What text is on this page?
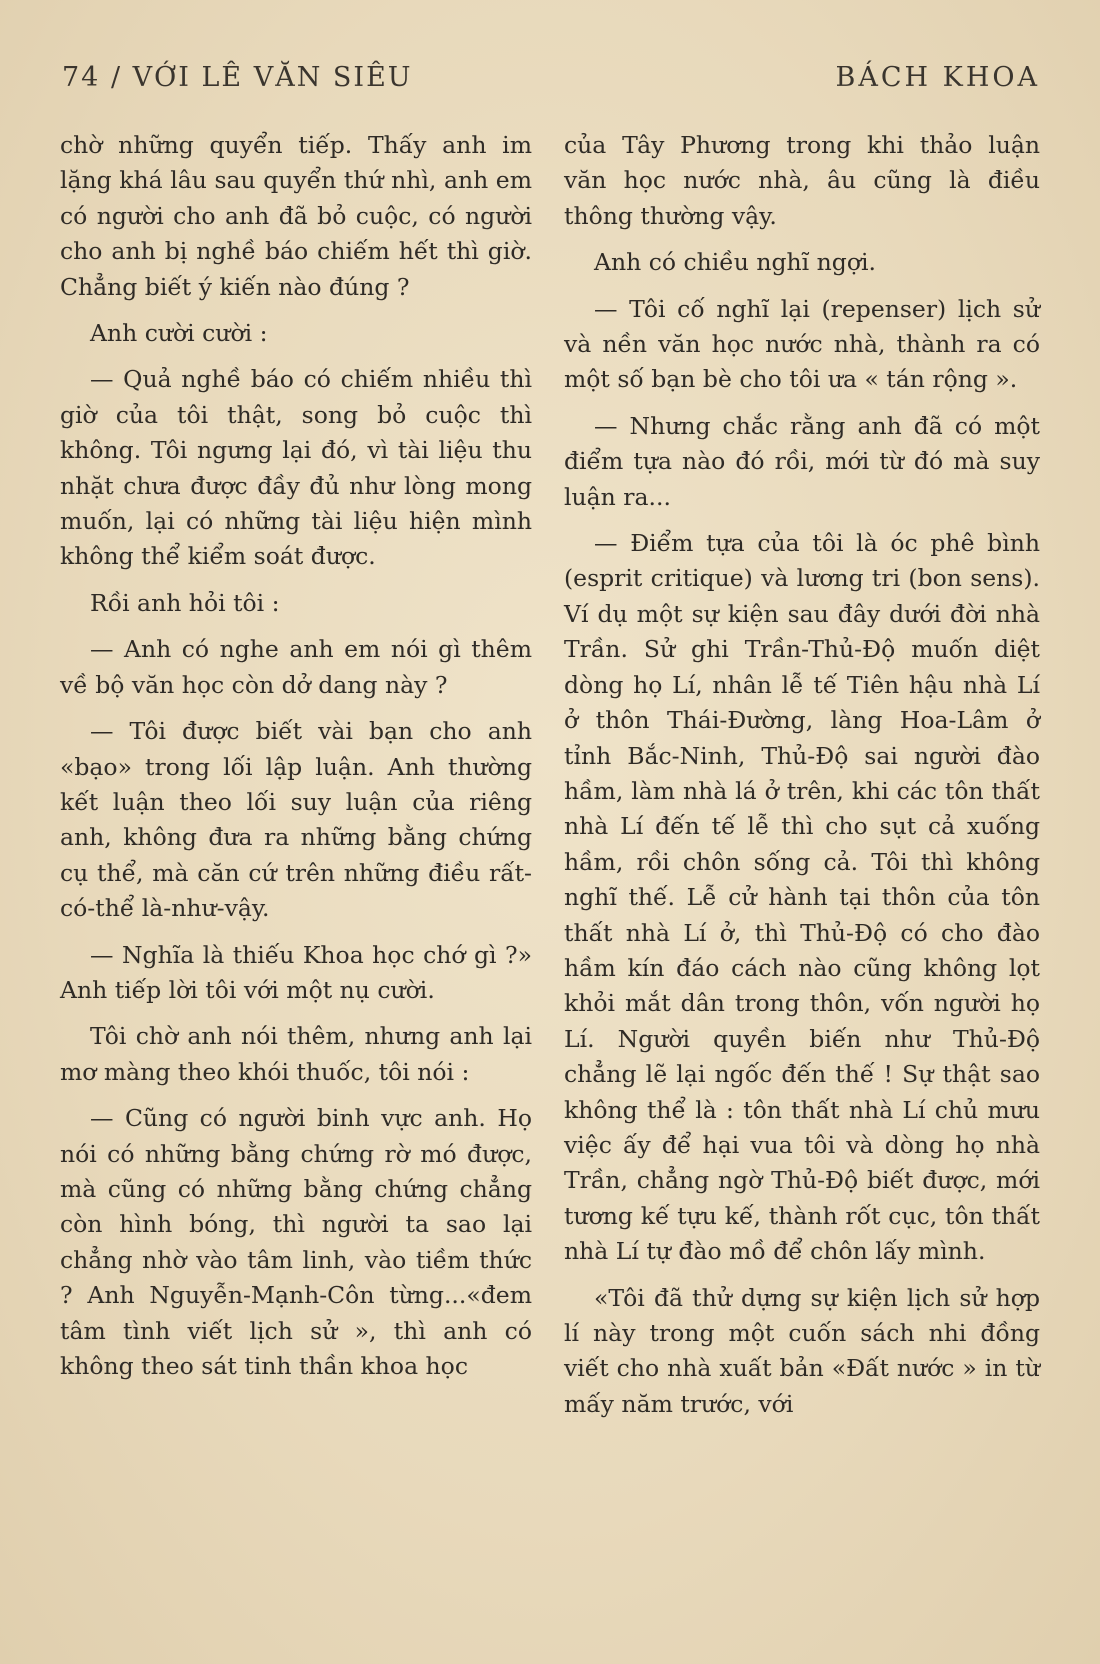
74 / VỚI LÊ VĂN SIÊU	BÁCH KHOA

chờ những quyển tiếp. Thấy anh im lặng khá lâu sau quyển thứ nhì, anh em có người cho anh đã bỏ cuộc, có người cho anh bị nghề báo chiếm hết thì giờ. Chẳng biết ý kiến nào đúng ?

Anh cười cười :

— Quả nghề báo có chiếm nhiều thì giờ của tôi thật, song bỏ cuộc thì không. Tôi ngưng lại đó, vì tài liệu thu nhặt chưa được đầy đủ như lòng mong muốn, lại có những tài liệu hiện mình không thể kiểm soát được.

Rồi anh hỏi tôi :

— Anh có nghe anh em nói gì thêm về bộ văn học còn dở dang này ?

— Tôi được biết vài bạn cho anh «bạo» trong lối lập luận. Anh thường kết luận theo lối suy luận của riêng anh, không đưa ra những bằng chứng cụ thể, mà căn cứ trên những điều rất-có-thể là-như-vậy.

— Nghĩa là thiếu Khoa học chớ gì ?» Anh tiếp lời tôi với một nụ cười.

Tôi chờ anh nói thêm, nhưng anh lại mơ màng theo khói thuốc, tôi nói :

— Cũng có người binh vực anh. Họ nói có những bằng chứng rờ mó được, mà cũng có những bằng chứng chẳng còn hình bóng, thì người ta sao lại chẳng nhờ vào tâm linh, vào tiềm thức ? Anh Nguyễn-Mạnh-Côn từng...«đem tâm tình viết lịch sử », thì anh có không theo sát tinh thần khoa học

của Tây Phương trong khi thảo luận văn học nước nhà, âu cũng là điều thông thường vậy.

Anh có chiều nghĩ ngợi.

— Tôi cố nghĩ lại (repenser) lịch sử và nền văn học nước nhà, thành ra có một số bạn bè cho tôi ưa « tán rộng ».

— Nhưng chắc rằng anh đã có một điểm tựa nào đó rồi, mới từ đó mà suy luận ra...

— Điểm tựa của tôi là óc phê bình (esprit critique) và lương tri (bon sens). Ví dụ một sự kiện sau đây dưới đời nhà Trần. Sử ghi Trần-Thủ-Độ muốn diệt dòng họ Lí, nhân lễ tế Tiên hậu nhà Lí ở thôn Thái-Đường, làng Hoa-Lâm ở tỉnh Bắc-Ninh, Thủ-Độ sai người đào hầm, làm nhà lá ở trên, khi các tôn thất nhà Lí đến tế lễ thì cho sụt cả xuống hầm, rồi chôn sống cả. Tôi thì không nghĩ thế. Lễ cử hành tại thôn của tôn thất nhà Lí ở, thì Thủ-Độ có cho đào hầm kín đáo cách nào cũng không lọt khỏi mắt dân trong thôn, vốn người họ Lí. Người quyền biến như Thủ-Độ chẳng lẽ lại ngốc đến thế ! Sự thật sao không thể là : tôn thất nhà Lí chủ mưu việc ấy để hại vua tôi và dòng họ nhà Trần, chẳng ngờ Thủ-Độ biết được, mới tương kế tựu kế, thành rốt cục, tôn thất nhà Lí tự đào mồ để chôn lấy mình.

«Tôi đã thử dựng sự kiện lịch sử hợp lí này trong một cuốn sách nhi đồng viết cho nhà xuất bản «Đất nước » in từ mấy năm trước, với
